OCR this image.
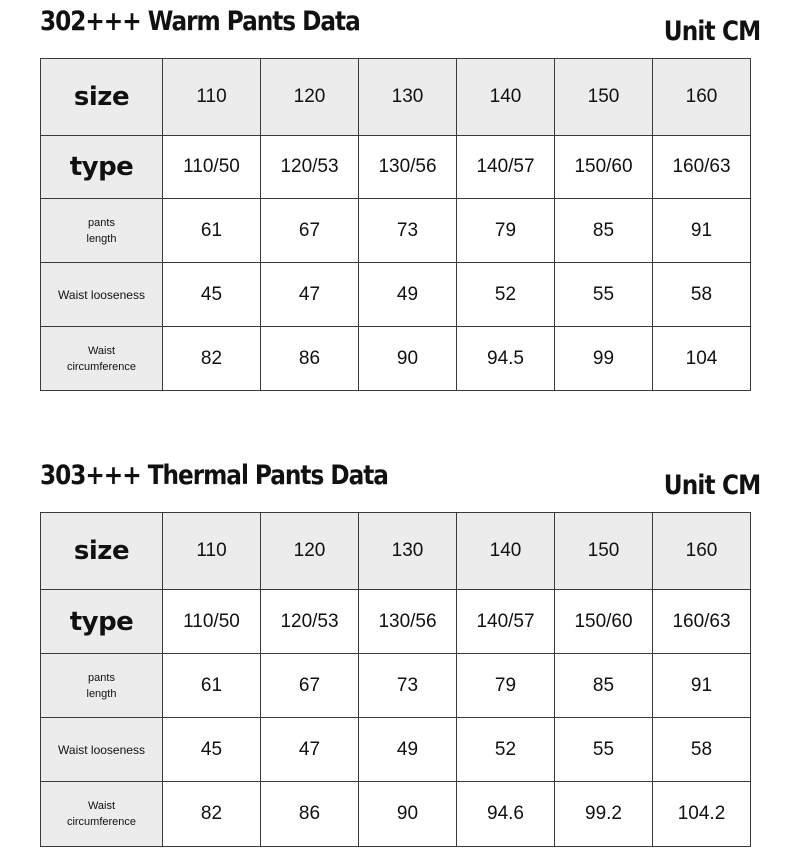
302+++ Warm Pants Data	Unit CM
size	110	120	130	140	150	160
type	110/50	120/53	130/56	140/57	150/60	160/63
pants length	61	67	73	79	85	91
Waist looseness	45	47	49	52	55	58
Waist circumference	82	86	90	94.5	99	104
303+++ Thermal Pants Data	Unit CM
size	110	120	130	140	150	160
type	110/50	120/53	130/56	140/57	150/60	160/63
pants length	61	67	73	79	85	91
Waist looseness	45	47	49	52	55	58
Waist circumference	82	86	90	94.6	99.2	104.2
